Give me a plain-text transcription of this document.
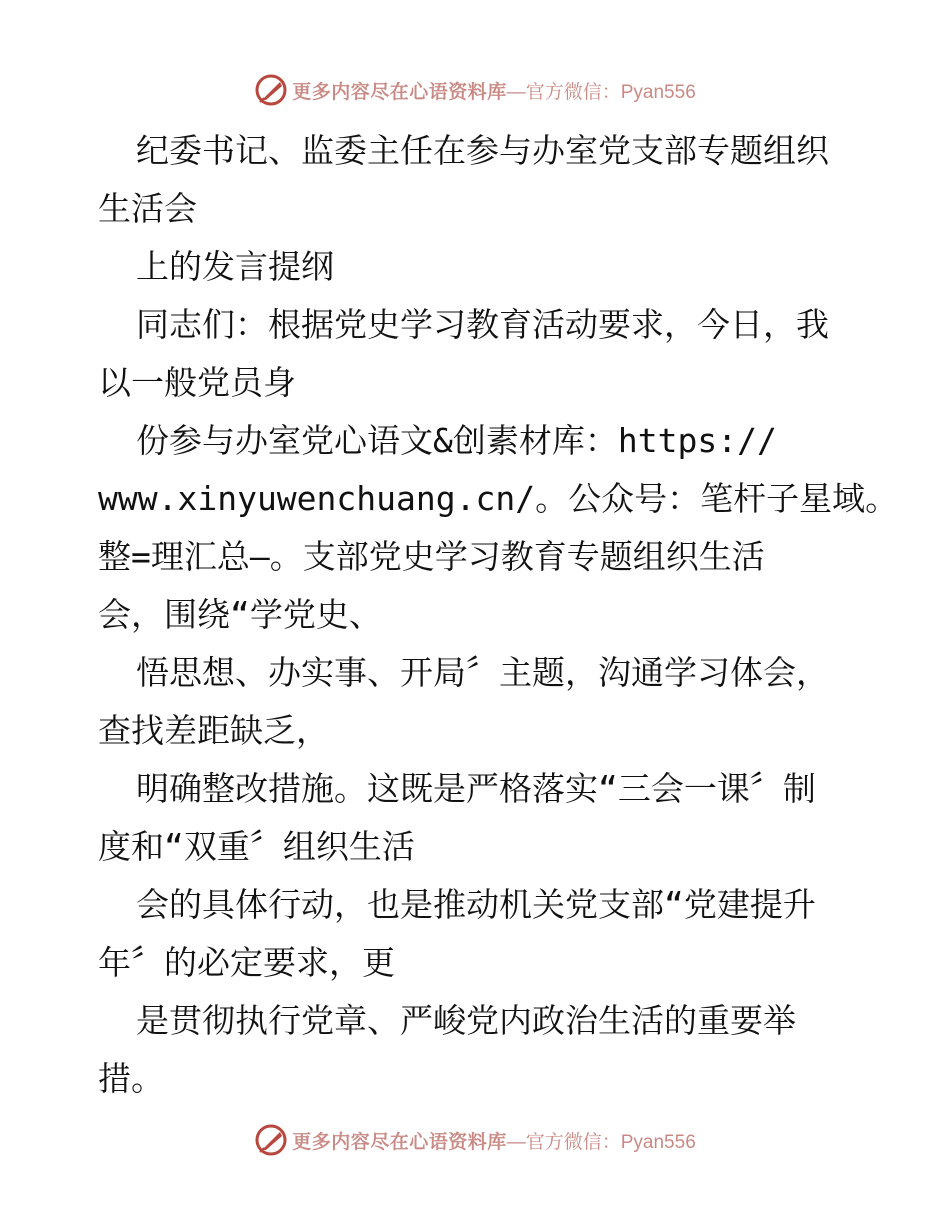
更多内容尽在心语资料库 —官方微信：Pyan556
纪委书记、监委主任在参与办室党支部专题组织
生活会
上的发言提纲
同志们：根据党史学习教育活动要求，今日，我
以一般党员身
份参与办室党心语文&创素材库：https://
www.xinyuwenchuang.cn/。公众号：笔杆子星域。
整=理汇总—。支部党史学习教育专题组织生活
会，围绕“学党史、
悟思想、办实事、开局〞主题，沟通学习体会，
查找差距缺乏，
明确整改措施。这既是严格落实“三会一课〞制
度和“双重〞组织生活
会的具体行动，也是推动机关党支部“党建提升
年〞的必定要求，更
是贯彻执行党章、严峻党内政治生活的重要举
措。
更多内容尽在心语资料库 —官方微信：Pyan556
